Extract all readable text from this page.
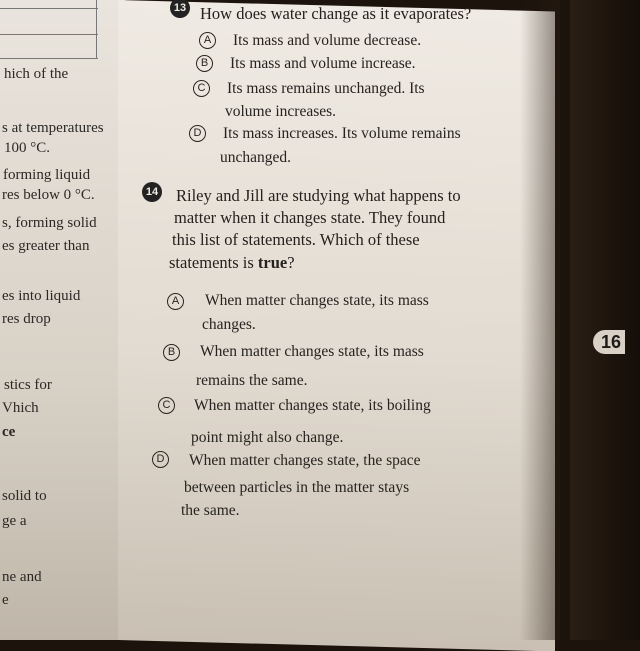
hich of the
s at temperatures
100 °C.
forming liquid
res below 0 °C.
s, forming solid
es greater than
es into liquid
res drop
stics for
Vhich
ce
solid to
ge a
ne and
e
16
13 How does water change as it evaporates?
A	Its mass and volume decrease.
B	Its mass and volume increase.
C Its mass remains unchanged. Its
volume increases.
D Its mass increases. Its volume remains
unchanged.
14 Riley and Jill are studying what happens to
matter when it changes state. They found
this list of statements. Which of these
statements is true?
A	When matter changes state, its mass
changes.
B	When matter changes state, its mass
remains the same.
C When matter changes state, its boiling
point might also change.
D When matter changes state, the space
between particles in the matter stays
the same.
